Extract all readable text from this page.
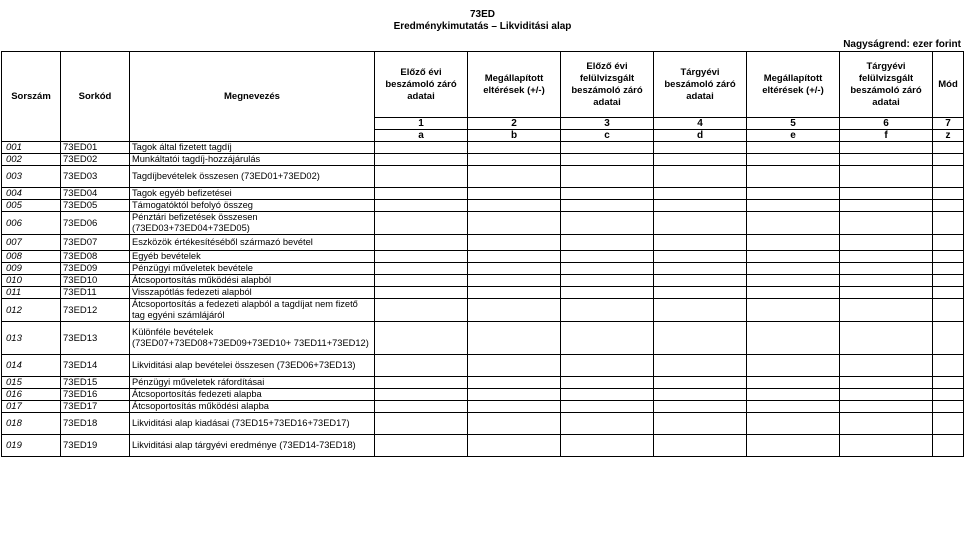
73ED
Eredménykimutatás – Likviditási alap
Nagyságrend: ezer forint
Sorszám	Sorkód	Megnevezés	Előző évi beszámoló záró adatai	Megállapított eltérések (+/-)	Előző évi felülvizsgált beszámoló záró adatai	Tárgyévi beszámoló záró adatai	Megállapított eltérések (+/-)	Tárgyévi felülvizsgált beszámoló záró adatai	Mód
			1	2	3	4	5	6	7
			a	b	c	d	e	f	z
001	73ED01	Tagok által fizetett tagdíj							
002	73ED02	Munkáltatói tagdíj-hozzájárulás							
003	73ED03	Tagdíjbevételek összesen (73ED01+73ED02)							
004	73ED04	Tagok egyéb befizetései							
005	73ED05	Támogatóktól befolyó összeg							
006	73ED06	Pénztári befizetések összesen (73ED03+73ED04+73ED05)							
007	73ED07	Eszközök értékesítéséből származó bevétel							
008	73ED08	Egyéb bevételek							
009	73ED09	Pénzügyi műveletek bevétele							
010	73ED10	Átcsoportosítás működési alapból							
011	73ED11	Visszapótlás fedezeti alapból							
012	73ED12	Átcsoportosítás a fedezeti alapból a tagdíjat nem fizető tag egyéni számlájáról							
013	73ED13	Különféle bevételek (73ED07+73ED08+73ED09+73ED10+ 73ED11+73ED12)							
014	73ED14	Likviditási alap bevételei összesen (73ED06+73ED13)							
015	73ED15	Pénzügyi műveletek ráfordításai							
016	73ED16	Átcsoportosítás fedezeti alapba							
017	73ED17	Átcsoportosítás működési alapba							
018	73ED18	Likviditási alap kiadásai (73ED15+73ED16+73ED17)							
019	73ED19	Likviditási alap tárgyévi eredménye (73ED14-73ED18)							
